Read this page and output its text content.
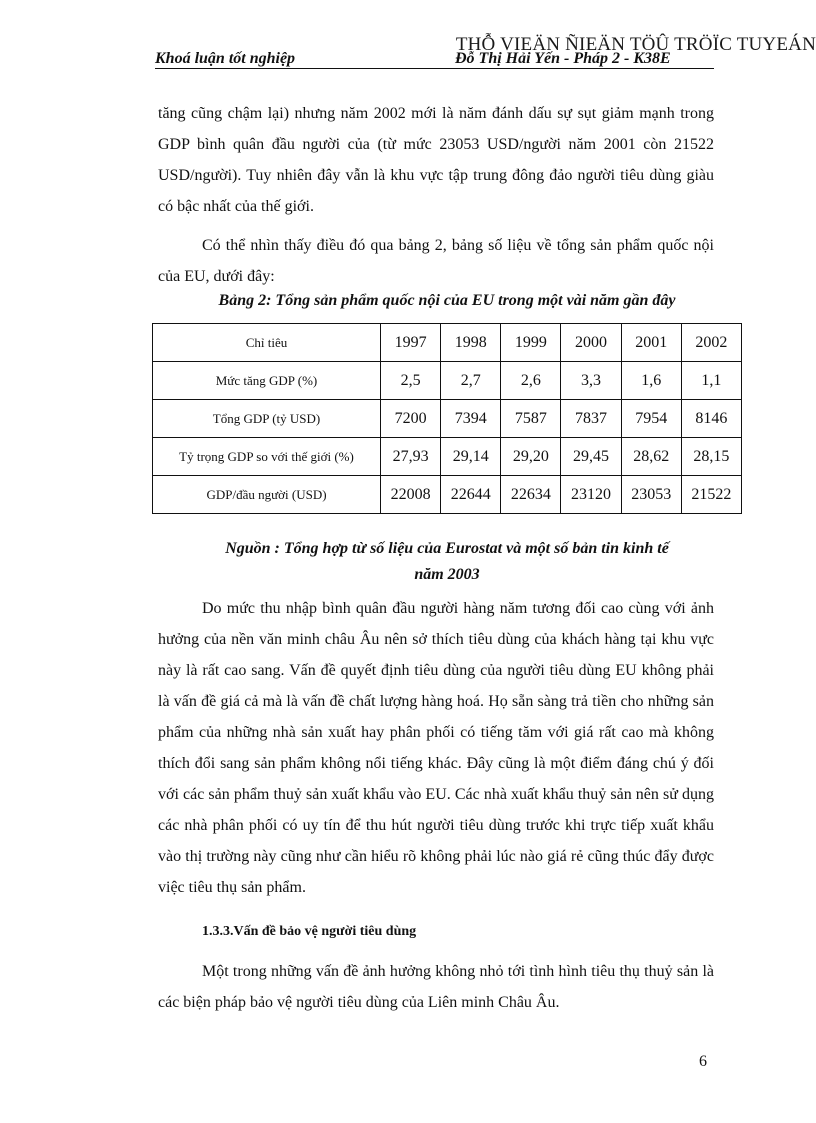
THỖ VIEÄN ÑIEÄN TÖÛ TRÖÏC TUYEÁN
Khoá luận tốt nghiệp	Đỗ Thị Hải Yến - Pháp 2 - K38E

tăng cũng chậm lại) nhưng năm 2002 mới là năm đánh dấu sự sụt giảm mạnh trong GDP bình quân đầu người của (từ mức 23053 USD/người năm 2001 còn 21522 USD/người). Tuy nhiên đây vẫn là khu vực tập trung đông đảo người tiêu dùng giàu có bậc nhất của thế giới.

Có thể nhìn thấy điều đó qua bảng 2, bảng số liệu về tổng sản phẩm quốc nội của EU, dưới đây:

Bảng 2: Tổng sản phẩm quốc nội của EU trong một vài năm gần đây
Chỉ tiêu	1997	1998	1999	2000	2001	2002
Mức tăng GDP (%)	2,5	2,7	2,6	3,3	1,6	1,1
Tổng GDP (tỷ USD)	7200	7394	7587	7837	7954	8146
Tỷ trọng GDP so với thế giới (%)	27,93	29,14	29,20	29,45	28,62	28,15
GDP/đầu người (USD)	22008	22644	22634	23120	23053	21522
Nguồn : Tổng hợp từ số liệu của Eurostat và một số bản tin kinh tế
năm 2003

Do mức thu nhập bình quân đầu người hàng năm tương đối cao cùng với ảnh hưởng của nền văn minh châu Âu nên sở thích tiêu dùng của khách hàng tại khu vực này là rất cao sang. Vấn đề quyết định tiêu dùng của người tiêu dùng EU không phải là vấn đề giá cả mà là vấn đề chất lượng hàng hoá. Họ sẵn sàng trả tiền cho những sản phẩm của những nhà sản xuất hay phân phối có tiếng tăm với giá rất cao mà không thích đổi sang sản phẩm không nổi tiếng khác. Đây cũng là một điểm đáng chú ý đối với các sản phẩm thuỷ sản xuất khẩu vào EU. Các nhà xuất khẩu thuỷ sản nên sử dụng các nhà phân phối có uy tín để thu hút người tiêu dùng trước khi trực tiếp xuất khẩu vào thị trường này cũng như cần hiểu rõ không phải lúc nào giá rẻ cũng thúc đẩy được việc tiêu thụ sản phẩm.

1.3.3.Vấn đề bảo vệ người tiêu dùng

Một trong những vấn đề ảnh hưởng không nhỏ tới tình hình tiêu thụ thuỷ sản là các biện pháp bảo vệ người tiêu dùng của Liên minh Châu Âu.

6
